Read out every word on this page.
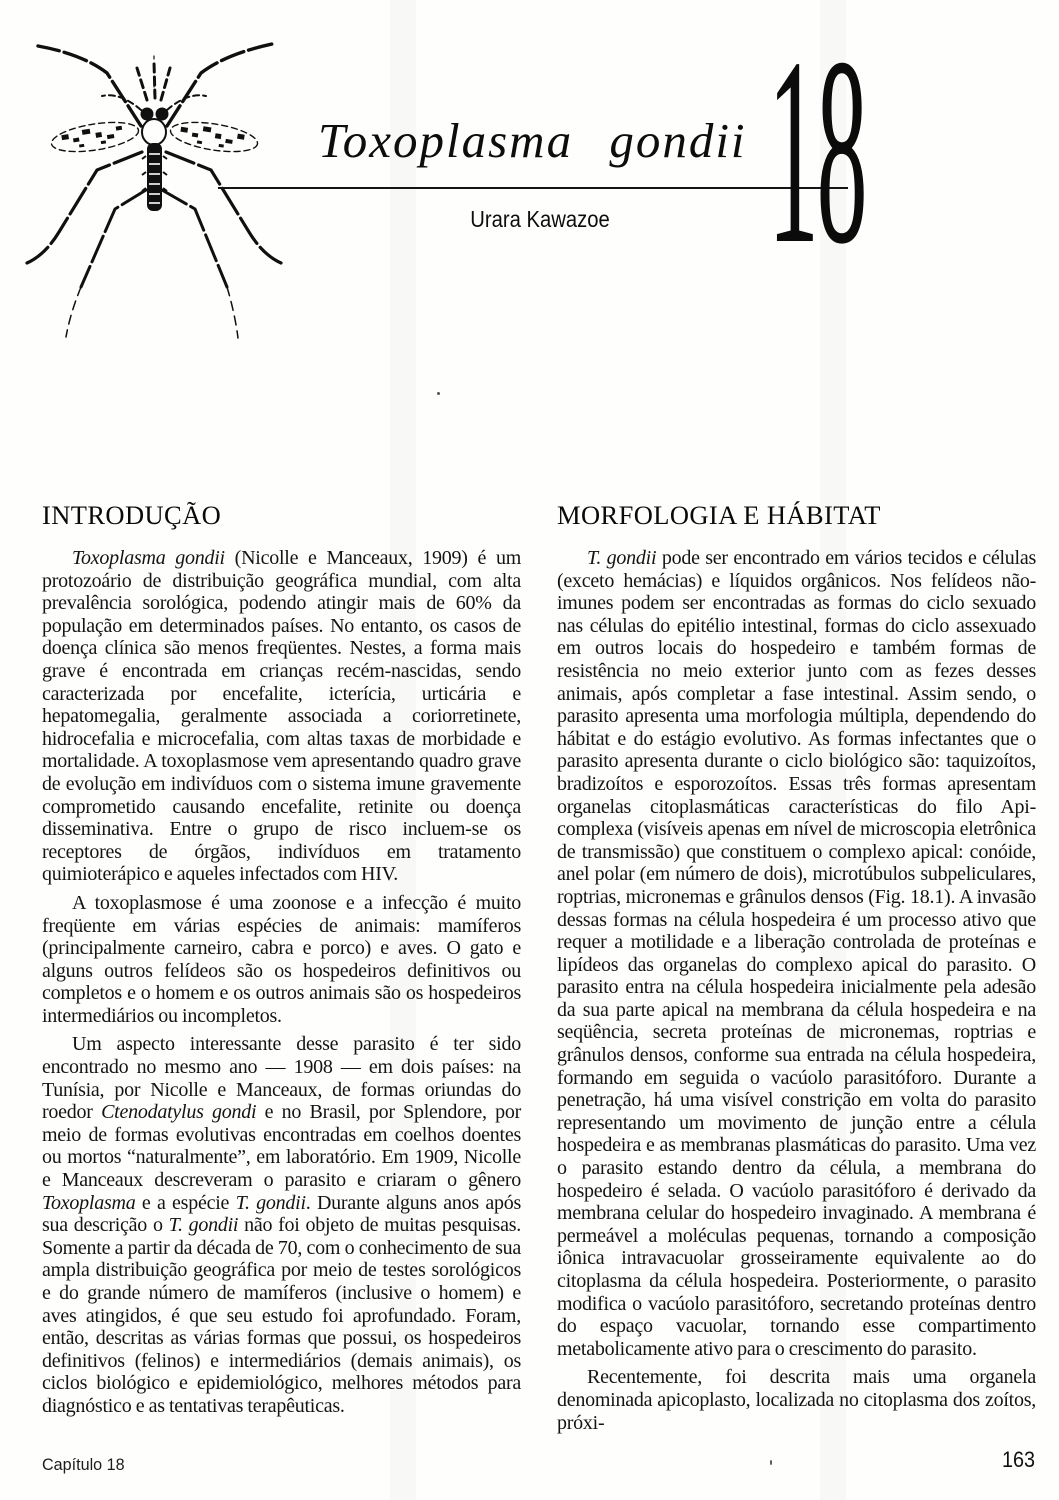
Toxoplasma gondii
Urara Kawazoe 18
INTRODUÇÃO

Toxoplasma gondii (Nicolle e Manceaux, 1909) é um protozoário de distribuição geográfica mundial, com alta prevalência sorológica, podendo atingir mais de 60% da população em determinados países. No entanto, os casos de doença clínica são menos freqüentes. Nestes, a forma mais grave é encontrada em crianças recém-nascidas, sendo caracterizada por encefalite, icterícia, urticária e hepatomegalia, geralmente associada a coriorretinete, hidrocefalia e microcefalia, com altas taxas de morbidade e mortalidade. A toxoplasmose vem apresentando quadro grave de evolução em indivíduos com o sistema imune gravemente comprometido causando encefalite, retinite ou doença disseminativa. Entre o grupo de risco incluem-se os receptores de órgãos, indivíduos em tratamento quimioterápico e aqueles infectados com HIV.

A toxoplasmose é uma zoonose e a infecção é muito freqüente em várias espécies de animais: mamíferos (principalmente carneiro, cabra e porco) e aves. O gato e alguns outros felídeos são os hospedeiros definitivos ou completos e o homem e os outros animais são os hospedeiros intermediários ou incompletos.

Um aspecto interessante desse parasito é ter sido encontrado no mesmo ano — 1908 — em dois países: na Tunísia, por Nicolle e Manceaux, de formas oriundas do roedor Ctenodatylus gondi e no Brasil, por Splendore, por meio de formas evolutivas encontradas em coelhos doentes ou mortos “naturalmente”, em laboratório. Em 1909, Nicolle e Manceaux descreveram o parasito e criaram o gênero Toxoplasma e a espécie T. gondii. Durante alguns anos após sua descrição o T. gondii não foi objeto de muitas pesquisas. Somente a partir da década de 70, com o conhecimento de sua ampla distribuição geográfica por meio de testes sorológicos e do grande número de mamíferos (inclusive o homem) e aves atingidos, é que seu estudo foi aprofundado. Foram, então, descritas as várias formas que possui, os hospedeiros definitivos (felinos) e intermediários (demais animais), os ciclos biológico e epidemiológico, melhores métodos para diagnóstico e as tentativas terapêuticas.

MORFOLOGIA E HÁBITAT

T. gondii pode ser encontrado em vários tecidos e células (exceto hemácias) e líquidos orgânicos. Nos felídeos não-imunes podem ser encontradas as formas do ciclo sexuado nas células do epitélio intestinal, formas do ciclo assexuado em outros locais do hospedeiro e também formas de resistência no meio exterior junto com as fezes desses animais, após completar a fase intestinal. Assim sendo, o parasito apresenta uma morfologia múltipla, dependendo do hábitat e do estágio evolutivo. As formas infectantes que o parasito apresenta durante o ciclo biológico são: taquizoítos, bradizoítos e esporozoítos. Essas três formas apresentam organelas citoplasmáticas características do filo Api-complexa (visíveis apenas em nível de microscopia eletrônica de transmissão) que constituem o complexo apical: conóide, anel polar (em número de dois), microtúbulos subpeliculares, roptrias, micronemas e grânulos densos (Fig. 18.1). A invasão dessas formas na célula hospedeira é um processo ativo que requer a motilidade e a liberação controlada de proteínas e lipídeos das organelas do complexo apical do parasito. O parasito entra na célula hospedeira inicialmente pela adesão da sua parte apical na membrana da célula hospedeira e na seqüência, secreta proteínas de micronemas, roptrias e grânulos densos, conforme sua entrada na célula hospedeira, formando em seguida o vacúolo parasitóforo. Durante a penetração, há uma visível constrição em volta do parasito representando um movimento de junção entre a célula hospedeira e as membranas plasmáticas do parasito. Uma vez o parasito estando dentro da célula, a membrana do hospedeiro é selada. O vacúolo parasitóforo é derivado da membrana celular do hospedeiro invaginado. A membrana é permeável a moléculas pequenas, tornando a composição iônica intravacuolar grosseiramente equivalente ao do citoplasma da célula hospedeira. Posteriormente, o parasito modifica o vacúolo parasitóforo, secretando proteínas dentro do espaço vacuolar, tornando esse compartimento metabolicamente ativo para o crescimento do parasito.

Recentemente, foi descrita mais uma organela denominada apicoplasto, localizada no citoplasma dos zoítos, próxi-

Capítulo 18	163
